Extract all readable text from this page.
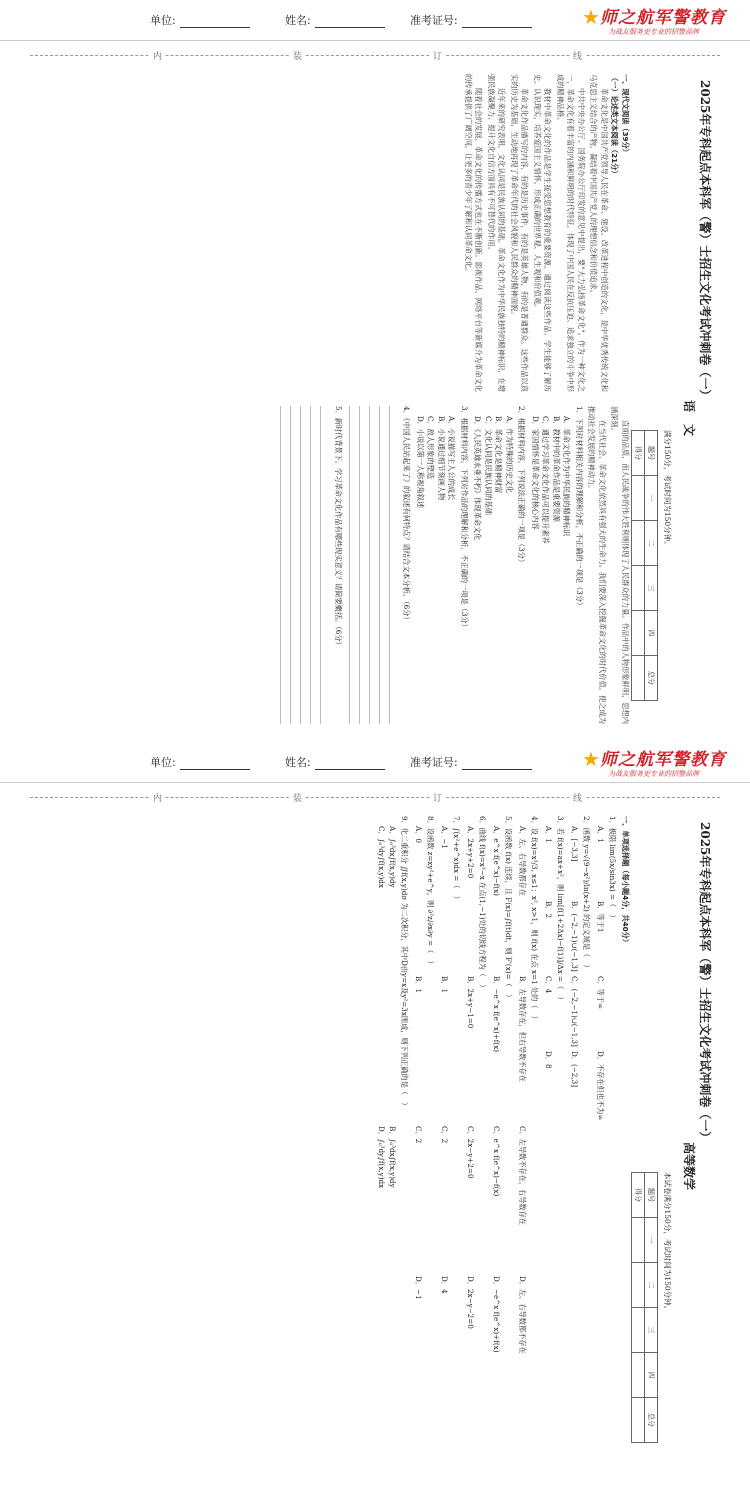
单位:	姓名:	准考证号:	★ 师之航军警教育
为战友服务更专业的招警品牌
内	装	订	线
2025年专科起点本科军（警）士招生文化考试冲刺卷（一）
语　文
满分150分，考试时间为150分钟。
题号	一	二	三	四	总分
得分					
一、现代文阅读（39分）
（一）论述类文本阅读（21分）

革命文化是中国共产党领导人民在革命、建设、改革进程中创造的文化，是中华优秀传统文化和马克思主义结合的产物，凝结着中国共产党人的理想信念和价值追求。

中共中央办公厅、国务院办公厅印发的意见中提出，要"大力弘扬革命文化"。作为一种文化之一，革命文化有着丰富的内涵和鲜明的时代特征，体现了中国人民在反抗压迫、追求独立的斗争中形成的精神品格。

教材中革命文化的作品是学生接受思想教育的重要资源。通过阅读这些作品，学生能够了解历史、认识现实，培养爱国主义情怀，形成正确的世界观、人生观和价值观。

革命文化作品描写的内容，有的是历史事件，有的是英雄人物，有的是普通群众。这些作品以真实的历史为基础，生动地再现了革命年代的社会风貌和人民群众的精神面貌。

近年来的研究表明，文化认同是民族认同的基础。革命文化作为中华民族独特的精神标识，在增强民族凝聚力、提升文化自信方面具有不可替代的作用。

随着社会的发展，革命文化的传播方式也在不断创新。影视作品、网络平台等新媒介为革命文化的传承提供了广阔空间，让更多的青少年了解和认同革命文化。

直面的品质，而人民战争的伟大胜利则体现了人民群众的力量。作品中的人物形象鲜明，思想内涵深刻。

在当代社会，革命文化依然具有强大的生命力。我们要深入挖掘革命文化的时代价值，使之成为推动社会发展的精神动力。

1．下列对材料相关内容的理解和分析，不正确的一项是（3分）
A．革命文化作为中华民族的精神标识
B．教材中的革命作品是重要资源
C．通过学习革命文化作品可以提升素养
D．家国情怀是革命文化的核心内容
2．根据材料内容，下列说法正确的一项是（3分）
A．作为特殊的历史文化
B．革命文化是精神财富
C．文化认同是民族认同的基础
D．《人民英雄永垂不朽》体现革命文化
3．根据材料内容，下列对作品的理解和分析，不正确的一项是（3分）
A．小说描写主人公的成长
B．小说通过细节刻画人物
C．敌人形象的塑造
D．小说以第一人称视角叙述
4．《中国人民站起来了》的叙述有何特点？请结合文本分析。（6分）
5．新时代背景下，学习革命文化作品有哪些现实意义？请简要概括。（6分）
单位:	姓名:	准考证号:	★ 师之航军警教育
为战友服务更专业的招警品牌
内	装	订	线
2025年专科起点本科军（警）士招生文化考试冲刺卷（一）
高等数学
本试卷满分150分，考试时间为150分钟。
题号	一	二	三	四	总分
得分					
一、单项选择题（每小题4分，共40分）
1．极限 lim(5x/sin3x) =（　）
A．1B．等于1C．等于∞D．不存在但也不为∞
2．函数 y=√(9−x²)/ln(x+2) 的定义域是（　）
A．[−3,3]B．(−2,−1)∪(−1,3]C．(−2,−1)∪(−1,3]D．(−2,3]
3．若 f(x)=ax+x²，则 lim[f(1+2Δx)−f(1)]/Δx =（　）
A．1B．2C．4D．8
4．设 f(x)=x³/3, x≤1；x², x>1，则 f(x) 在点 x=1 处的（　）
A．左、右导数都存在B．左导数存在，但右导数不存在C．左导数不存在，右导数存在D．左、右导数都不存在
5．设函数 f(x) 连续，且 F(x)=∫f(t)dt，则 F'(x)=（　）
A．e^x f(e^x)−f(x)B．−e^x f(e^x)+f(x)C．e^x f(e^x)−f(x)D．−e^x f(e^x)+f(x)
6．曲线 f(x)=x³−x 在点(1,−1)处的切线方程为（　）
A．2x+y+2=0B．2x+y−1=0C．2x−y+2=0D．2x−y−2=0
7．∫(x²+e^x)dx =（　）
A．−1B．1C．2D．4
8．设函数 z=xy²+e^y，则 ∂²z/∂x∂y =（　）
A．0B．1C．2D．−1
9．化二重积分 ∬f(x,y)dσ 为二次积分，其中D由y=x及y²=3x围成，则下列正确的是（　）
A．∫₀³dx∫f(x,y)dyB．∫₀³dx∫f(x,y)dyC．∫₀³dy∫f(x,y)dxD．∫₀³dy∫f(x,y)dx
